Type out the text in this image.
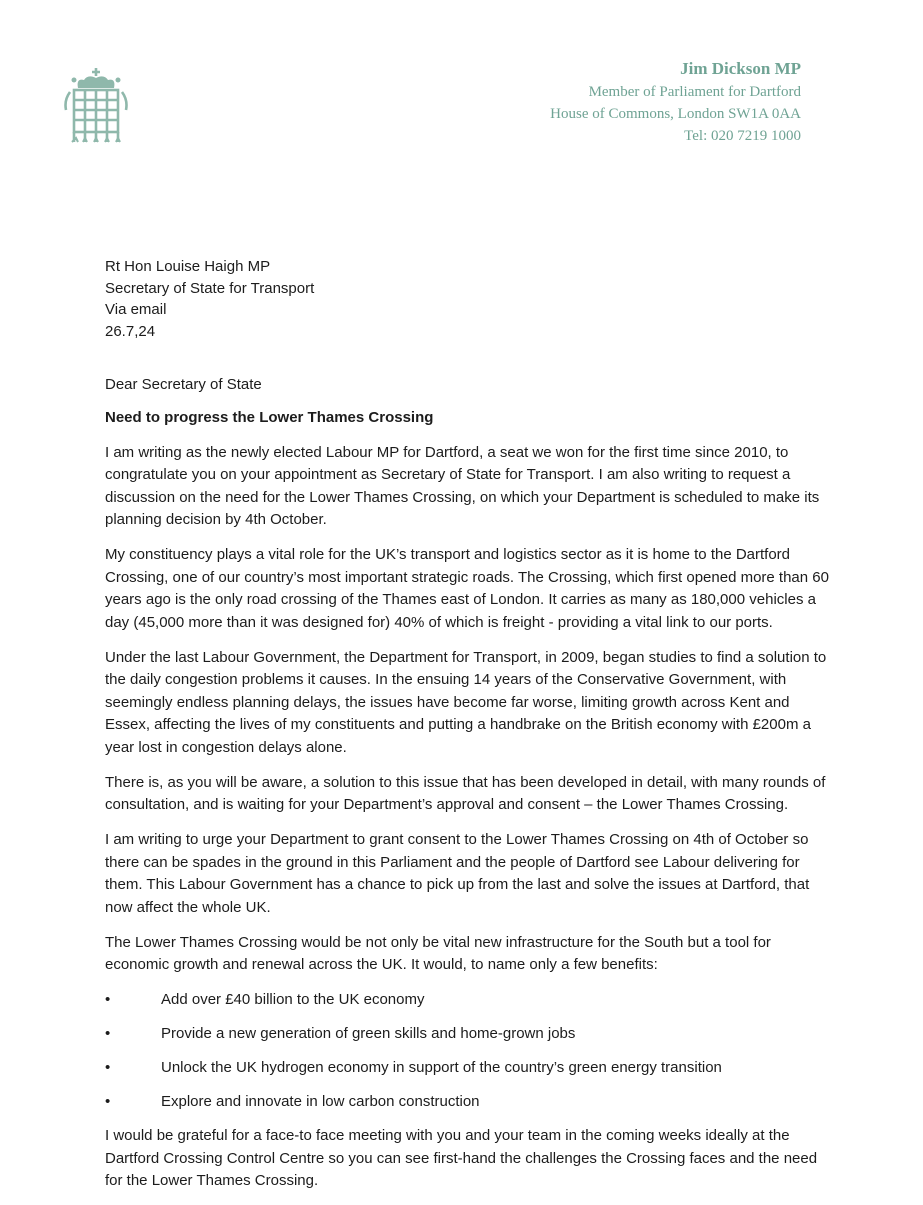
Jim Dickson MP
Member of Parliament for Dartford
House of Commons, London SW1A 0AA
Tel: 020 7219 1000
Rt Hon Louise Haigh MP
Secretary of State for Transport
Via email
26.7,24

Dear Secretary of State

Need to progress the Lower Thames Crossing

I am writing as the newly elected Labour MP for Dartford, a seat we won for the first time since 2010, to congratulate you on your appointment as Secretary of State for Transport. I am also writing to request a discussion on the need for the Lower Thames Crossing, on which your Department is scheduled to make its planning decision by 4th October.

My constituency plays a vital role for the UK’s transport and logistics sector as it is home to the Dartford Crossing, one of our country’s most important strategic roads. The Crossing, which first opened more than 60 years ago is the only road crossing of the Thames east of London. It carries as many as 180,000 vehicles a day (45,000 more than it was designed for) 40% of which is freight - providing a vital link to our ports.

Under the last Labour Government, the Department for Transport, in 2009, began studies to find a solution to the daily congestion problems it causes. In the ensuing 14 years of the Conservative Government, with seemingly endless planning delays, the issues have become far worse, limiting growth across Kent and Essex, affecting the lives of my constituents and putting a handbrake on the British economy with £200m a year lost in congestion delays alone.

There is, as you will be aware, a solution to this issue that has been developed in detail, with many rounds of consultation, and is waiting for your Department’s approval and consent – the Lower Thames Crossing.

I am writing to urge your Department to grant consent to the Lower Thames Crossing on 4th of October so there can be spades in the ground in this Parliament and the people of Dartford see Labour delivering for them. This Labour Government has a chance to pick up from the last and solve the issues at Dartford, that now affect the whole UK.

The Lower Thames Crossing would be not only be vital new infrastructure for the South but a tool for economic growth and renewal across the UK. It would, to name only a few benefits:

•	Add over £40 billion to the UK economy
•	Provide a new generation of green skills and home-grown jobs
•	Unlock the UK hydrogen economy in support of the country’s green energy transition
•	Explore and innovate in low carbon construction

I would be grateful for a face-to face meeting with you and your team in the coming weeks ideally at the Dartford Crossing Control Centre so you can see first-hand the challenges the Crossing faces and the need for the Lower Thames Crossing.
